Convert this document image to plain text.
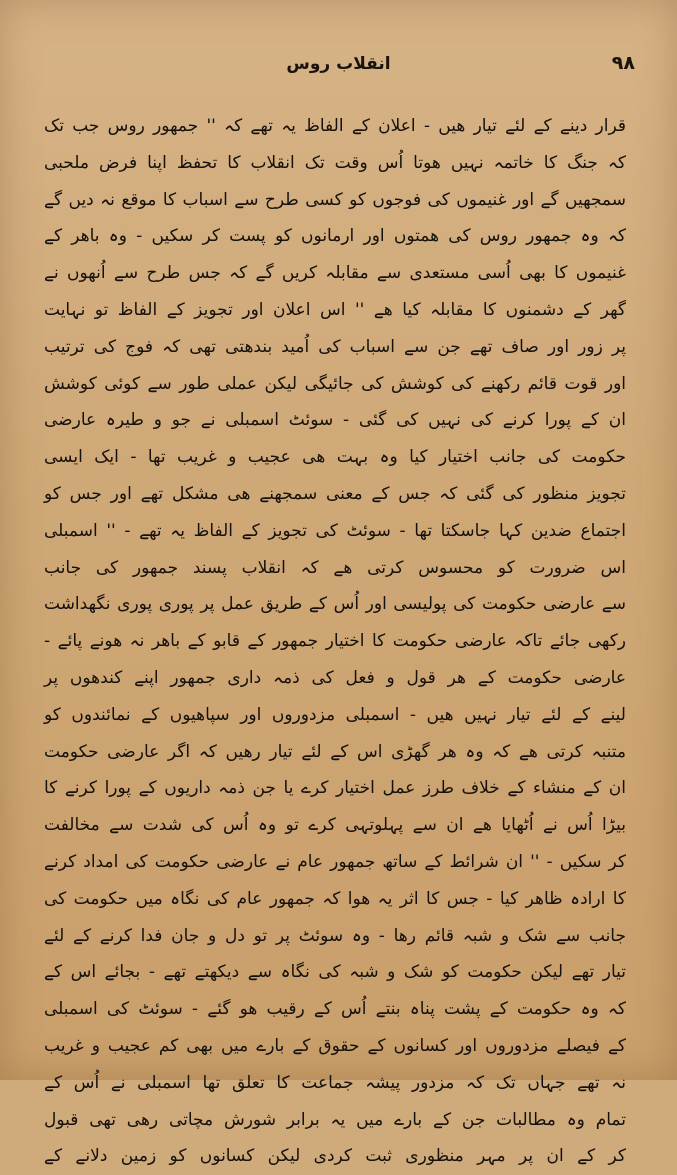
انقلاب روس	۹۸
قرار دینے کے لئے تیار ھیں - اعلان کے الفاظ یہ تھے کہ '' جمھور روس جب تک
کہ جنگ کا خاتمہ نہیں ھوتا اُس وقت تک انقلاب کا تحفظ اپنا فرض ملحبی
سمجھیں گے اور غنیموں کی فوجوں کو کسی طرح سے اسباب کا موقع نہ دیں گے
کہ وہ جمھور روس کی ھمتوں اور ارمانوں کو پست کر سکیں - وہ باھر کے
غنیموں کا بھی اُسی مستعدی سے مقابلہ کریں گے کہ جس طرح سے اُنھوں نے
گھر کے دشمنوں کا مقابلہ کیا ھے '' اس اعلان اور تجویز کے الفاظ تو نہایت
پر زور اور صاف تھے جن سے اسباب کی اُمید بندھتی تھی کہ فوج کی ترتیب
اور قوت قائم رکھنے کی کوشش کی جائیگی لیکن عملی طور سے کوئی کوشش
ان کے پورا کرنے کی نہیں کی گئی - سوئٹ اسمبلی نے جو و طیرہ عارضی
حکومت کی جانب اختیار کیا وہ بہت ھی عجیب و غریب تھا - ایک ایسی
تجویز منظور کی گئی کہ جس کے معنی سمجھنے ھی مشکل تھے اور جس کو
اجتماع ضدین کہا جاسکتا تھا - سوئٹ کی تجویز کے الفاظ یہ تھے - '' اسمبلی
اس ضرورت کو محسوس کرتی ھے کہ انقلاب پسند جمھور کی جانب
سے عارضی حکومت کی پولیسی اور اُس کے طریق عمل پر پوری پوری نگھداشت
رکھی جائے تاکہ عارضی حکومت کا اختیار جمھور کے قابو کے باھر نہ ھونے پائے -
عارضی حکومت کے ھر قول و فعل کی ذمہ داری جمھور اپنے کندھوں پر
لینے کے لئے تیار نہیں ھیں - اسمبلی مزدوروں اور سپاھیوں کے نمائندوں کو
متنبہ کرتی ھے کہ وہ ھر گھڑی اس کے لئے تیار رھیں کہ اگر عارضی حکومت
ان کے منشاء کے خلاف طرز عمل اختیار کرے یا جن ذمہ داریوں کے پورا کرنے کا
بیڑا اُس نے اُٹھایا ھے ان سے پہلوتہی کرے تو وہ اُس کی شدت سے مخالفت
کر سکیں - '' ان شرائط کے ساتھ جمھور عام نے عارضی حکومت کی امداد کرنے
کا ارادہ ظاھر کیا - جس کا اثر یہ ھوا کہ جمھور عام کی نگاہ میں حکومت کی
جانب سے شک و شبہ قائم رھا - وہ سوئٹ پر تو دل و جان فدا کرنے کے لئے
تیار تھے لیکن حکومت کو شک و شبہ کی نگاہ سے دیکھتے تھے - بجائے اس کے
کہ وہ حکومت کے پشت پناہ بنتے اُس کے رقیب ھو گئے - سوئٹ کی اسمبلی
کے فیصلے مزدوروں اور کسانوں کے حقوق کے بارے میں بھی کم عجیب و غریب
نہ تھے جہاں تک کہ مزدور پیشہ جماعت کا تعلق تھا اسمبلی نے اُس کے
تمام وہ مطالبات جن کے بارے میں یہ برابر شورش مچاتی رھی تھی قبول
کر کے ان پر مہر منظوری ثبت کردی لیکن کسانوں کو زمین دلانے کے
